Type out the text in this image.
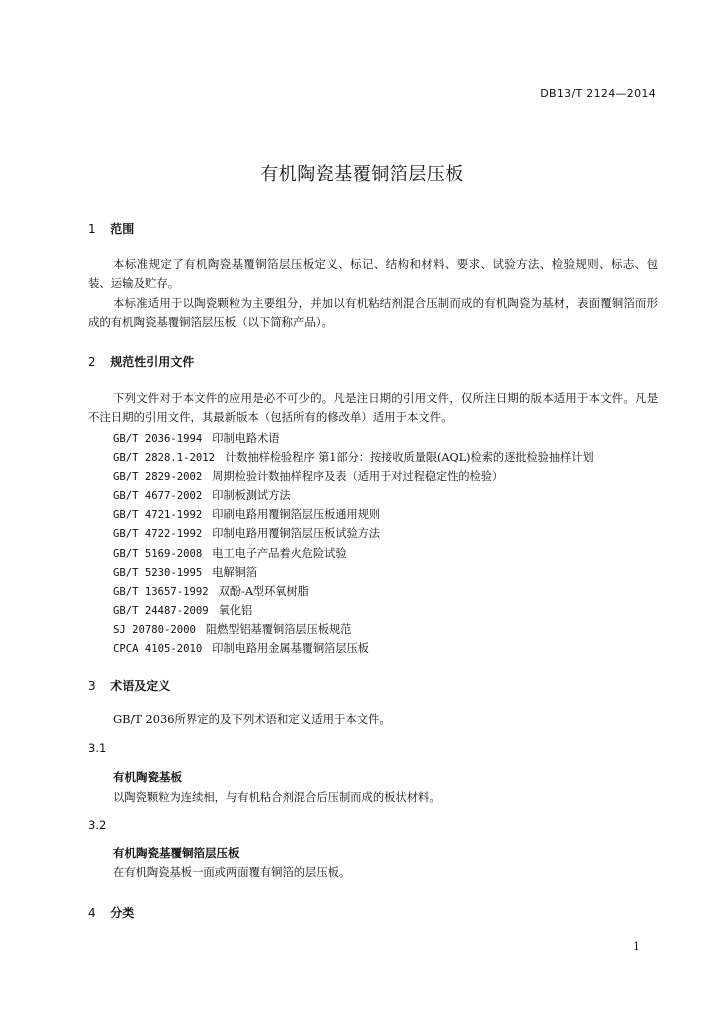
DB13/T 2124—2014
有机陶瓷基覆铜箔层压板
1 范围
本标准规定了有机陶瓷基覆铜箔层压板定义、标记、结构和材料、要求、试验方法、检验规则、标志、包装、运输及贮存。
本标准适用于以陶瓷颗粒为主要组分，并加以有机粘结剂混合压制而成的有机陶瓷为基材，表面覆铜箔而形成的有机陶瓷基覆铜箔层压板（以下简称产品）。
2 规范性引用文件
下列文件对于本文件的应用是必不可少的。凡是注日期的引用文件，仅所注日期的版本适用于本文件。凡是不注日期的引用文件，其最新版本（包括所有的修改单）适用于本文件。
GB/T 2036-1994 印制电路术语
GB/T 2828.1-2012 计数抽样检验程序 第1部分：按接收质量限(AQL)检索的逐批检验抽样计划
GB/T 2829-2002 周期检验计数抽样程序及表（适用于对过程稳定性的检验）
GB/T 4677-2002 印制板测试方法
GB/T 4721-1992 印刷电路用覆铜箔层压板通用规则
GB/T 4722-1992 印制电路用覆铜箔层压板试验方法
GB/T 5169-2008 电工电子产品着火危险试验
GB/T 5230-1995 电解铜箔
GB/T 13657-1992 双酚-A型环氧树脂
GB/T 24487-2009 氧化铝
SJ 20780-2000 阻燃型铝基覆铜箔层压板规范
CPCA 4105-2010 印制电路用金属基覆铜箔层压板
3 术语及定义
GB/T 2036所界定的及下列术语和定义适用于本文件。
3.1
有机陶瓷基板
以陶瓷颗粒为连续相，与有机粘合剂混合后压制而成的板状材料。
3.2
有机陶瓷基覆铜箔层压板
在有机陶瓷基板一面或两面覆有铜箔的层压板。
4 分类
1
